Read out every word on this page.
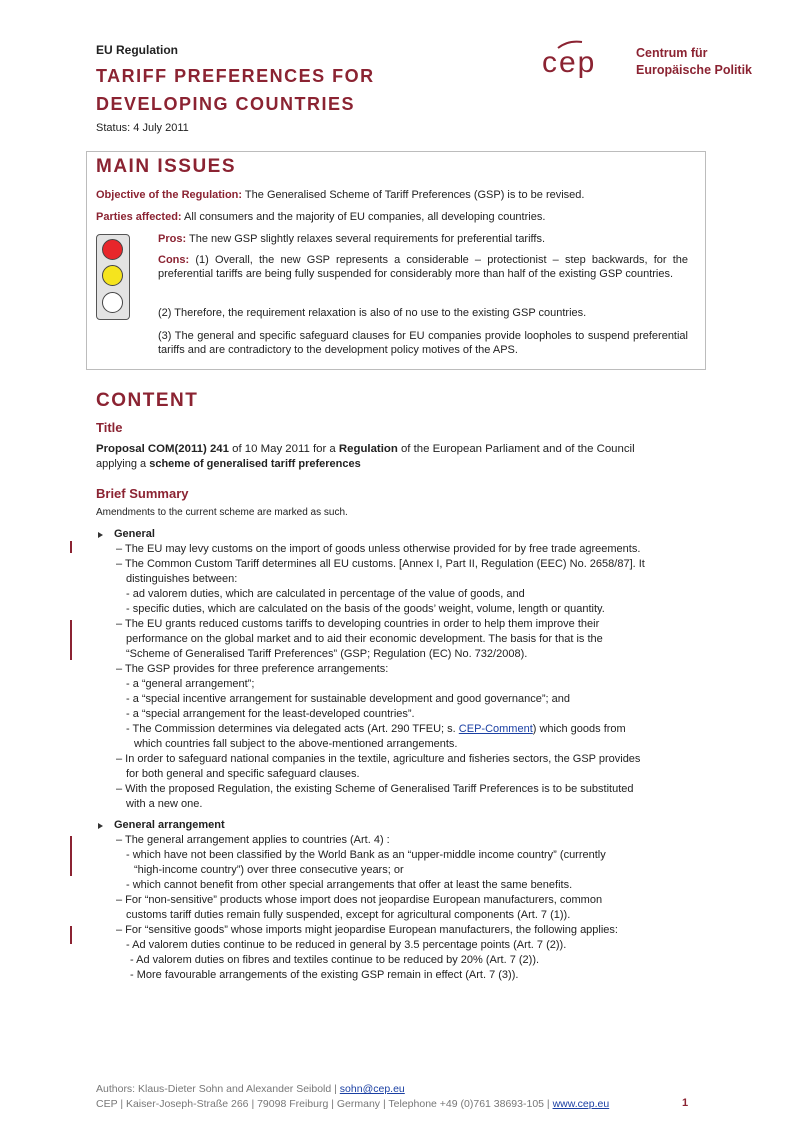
EU Regulation
TARIFF PREFERENCES FOR
DEVELOPING COUNTRIES
Status: 4 July 2011
cep	Centrum für
Europäische Politik
MAIN ISSUES
Objective of the Regulation: The Generalised Scheme of Tariff Preferences (GSP) is to be revised.
Parties affected: All consumers and the majority of EU companies, all developing countries.
Pros: The new GSP slightly relaxes several requirements for preferential tariffs.
Cons: (1) Overall, the new GSP represents a considerable – protectionist – step backwards, for the preferential tariffs are being fully suspended for considerably more than half of the existing GSP countries.
(2) Therefore, the requirement relaxation is also of no use to the existing GSP countries.
(3) The general and specific safeguard clauses for EU companies provide loopholes to suspend preferential tariffs and are contradictory to the development policy motives of the APS.
CONTENT
Title
Proposal COM(2011) 241 of 10 May 2011 for a Regulation of the European Parliament and of the Council
applying a scheme of generalised tariff preferences
Brief Summary
Amendments to the current scheme are marked as such.
General
– The EU may levy customs on the import of goods unless otherwise provided for by free trade agreements.
– The Common Custom Tariff determines all EU customs. [Annex I, Part II, Regulation (EEC) No. 2658/87]. It
distinguishes between:
- ad valorem duties, which are calculated in percentage of the value of goods, and
- specific duties, which are calculated on the basis of the goods’ weight, volume, length or quantity.
– The EU grants reduced customs tariffs to developing countries in order to help them improve their
performance on the global market and to aid their economic development. The basis for that is the
“Scheme of Generalised Tariff Preferences” (GSP; Regulation (EC) No. 732/2008).
– The GSP provides for three preference arrangements:
- a “general arrangement”;
- a “special incentive arrangement for sustainable development and good governance”; and
- a “special arrangement for the least-developed countries”.
- The Commission determines via delegated acts (Art. 290 TFEU; s. CEP-Comment) which goods from
which countries fall subject to the above-mentioned arrangements.
– In order to safeguard national companies in the textile, agriculture and fisheries sectors, the GSP provides
for both general and specific safeguard clauses.
– With the proposed Regulation, the existing Scheme of Generalised Tariff Preferences is to be substituted
with a new one.
General arrangement
– The general arrangement applies to countries (Art. 4) :
- which have not been classified by the World Bank as an “upper-middle income country” (currently
“high-income country”) over three consecutive years; or
- which cannot benefit from other special arrangements that offer at least the same benefits.
– For “non-sensitive” products whose import does not jeopardise European manufacturers, common
customs tariff duties remain fully suspended, except for agricultural components (Art. 7 (1)).
– For “sensitive goods” whose imports might jeopardise European manufacturers, the following applies:
- Ad valorem duties continue to be reduced in general by 3.5 percentage points (Art. 7 (2)).
- Ad valorem duties on fibres and textiles continue to be reduced by 20% (Art. 7 (2)).
- More favourable arrangements of the existing GSP remain in effect (Art. 7 (3)).
Authors: Klaus-Dieter Sohn and Alexander Seibold | sohn@cep.eu
CEP | Kaiser-Joseph-Straße 266 | 79098 Freiburg | Germany | Telephone +49 (0)761 38693-105 | www.cep.eu	1
